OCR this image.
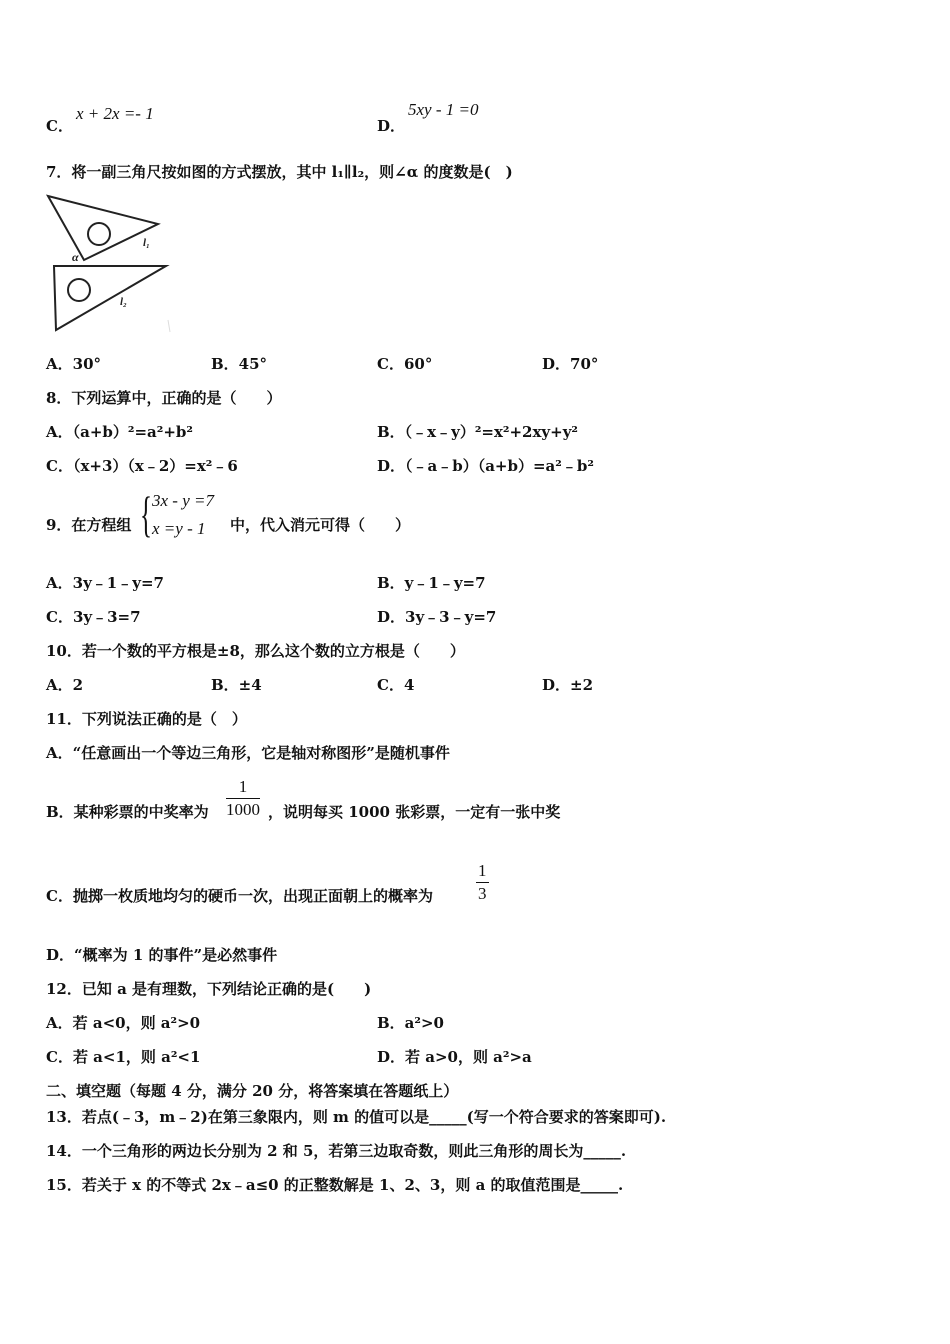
C．
x + 2x =- 1
D．
5xy - 1 =0
7．将一副三角尺按如图的方式摆放，其中 l₁∥l₂，则∠α 的度数是(　)
α
l₁
l₂
A．30°	B．45°	C．60°	D．70°
8．下列运算中，正确的是（　　）
A．（a+b）²=a²+b²	B．（﹣x﹣y）²=x²+2xy+y²
C．（x+3）（x﹣2）=x²﹣6	D．（﹣a﹣b）（a+b）=a²﹣b²
9．在方程组 { 3x - y =7
x =y - 1 中，代入消元可得（　　）
A．3y﹣1﹣y=7	B．y﹣1﹣y=7
C．3y﹣3=7	D．3y﹣3﹣y=7
10．若一个数的平方根是±8，那么这个数的立方根是（　　）
A．2	B．±4	C．4	D．±2
11．下列说法正确的是（　）
A．“任意画出一个等边三角形，它是轴对称图形”是随机事件
B．某种彩票的中奖率为 $\frac{1}{1000}$ ，说明每买 1000 张彩票，一定有一张中奖
C．抛掷一枚质地均匀的硬币一次，出现正面朝上的概率为	$\frac{1}{3}$
D．“概率为 1 的事件”是必然事件
12．已知 a 是有理数，下列结论正确的是(　　)
A．若 a<0，则 a²>0	B．a²>0
C．若 a<1，则 a²<1	D．若 a>0，则 a²>a
二、填空题（每题 4 分，满分 20 分，将答案填在答题纸上）
13．若点(﹣3，m﹣2)在第三象限内，则 m 的值可以是_____(写一个符合要求的答案即可).
14．一个三角形的两边长分别为 2 和 5，若第三边取奇数，则此三角形的周长为_____.
15．若关于 x 的不等式 2x﹣a≤0 的正整数解是 1、2、3，则 a 的取值范围是_____.
